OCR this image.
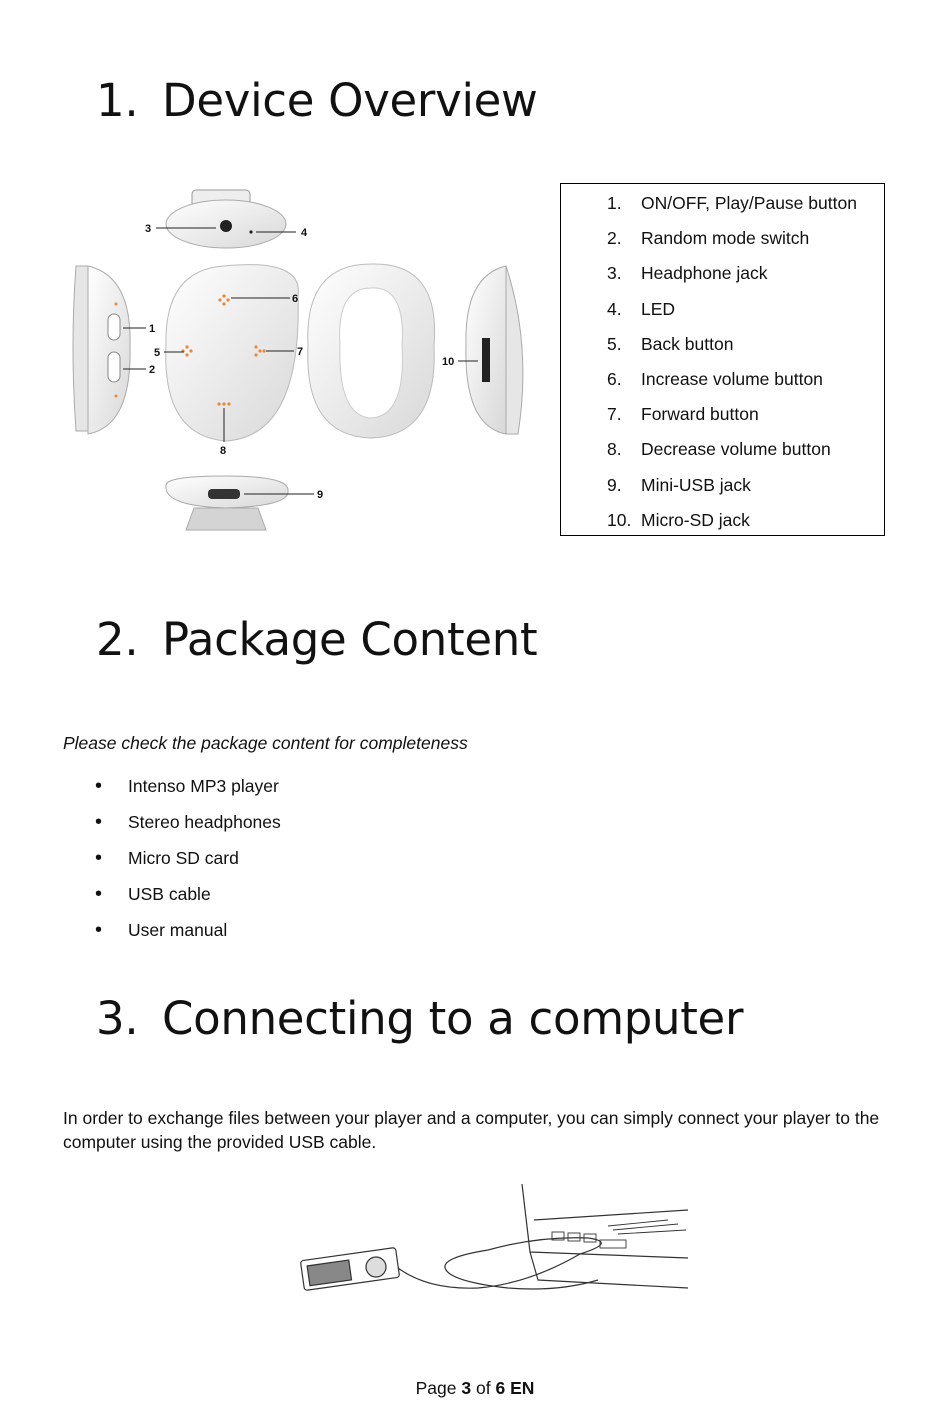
1. Device Overview
1
2
3	4
5
6
7
8
9
10
1. ON/OFF, Play/Pause button
2. Random mode switch
3. Headphone jack
4. LED
5. Back button
6. Increase volume button
7. Forward button
8. Decrease volume button
9. Mini-USB jack
10. Micro-SD jack
2. Package Content

Please check the package content for completeness

• Intenso MP3 player
• Stereo headphones
• Micro SD card
• USB cable
• User manual
3. Connecting to a computer

In order to exchange files between your player and a computer, you can simply connect your player to the computer using the provided USB cable.

Page 3 of 6 EN
